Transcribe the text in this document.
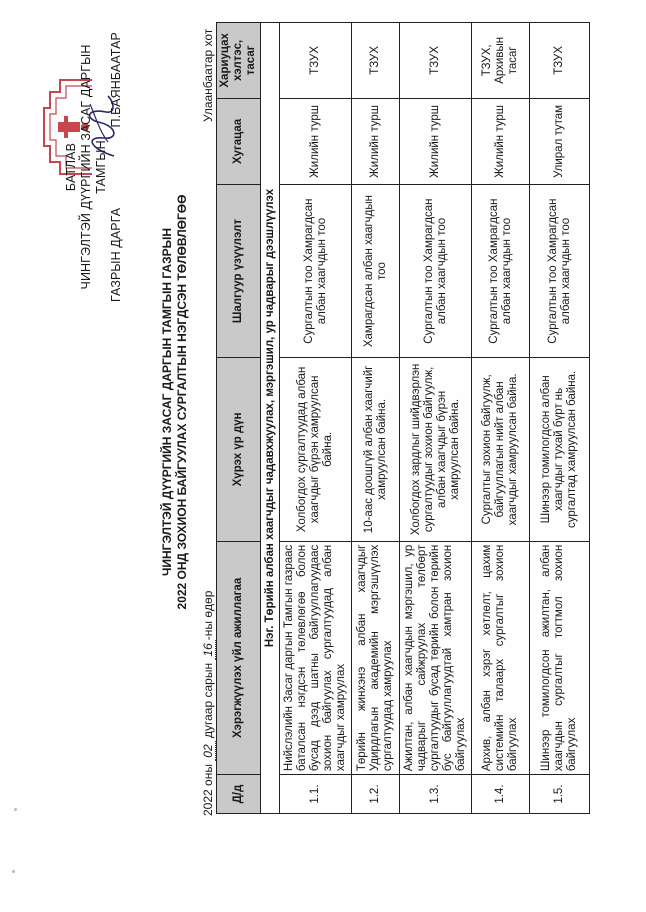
БАТЛАВ ЧИНГЭЛТЭЙ ДҮҮРГИЙН ЗАСАГ ДАРГЫН ТАМГЫН
ГАЗРЫН ДАРГА
П.БАЯНБААТАР
ЧИНГЭЛТЭЙ ДҮҮРГИЙН ЗАСАГ ДАРГЫН ТАМГЫН ГАЗРЫН 2022 ОНД ЗОХИОН БАЙГУУЛАХ СУРГАЛТЫН НЭГДСЭН ТӨЛӨВЛӨГӨӨ
2022 оны 02 дугаар сарын 16-ны өдөр
Улаанбаатар хот
Д/д	Хэрэгжүүлэх үйл ажиллагаа	Хүрэх үр дүн	Шалгуур үзүүлэлт	Хугацаа	Хариуцах хэлтэс, тасаг
Нэг. Төрийн албан хаагчдыг чадавхжуулах, мэргэшил, ур чадварыг дээшлүүлэх					
1.1.	Нийслэлийн Засаг даргын Тамгын газраас баталсан нэгдсэн төлөвлөгөө болон бусад дээд шатны байгууллагуудаас зохион байгуулах сургалтуудад албан хаагчдыг хамруулах	Холбогдох сургалтуудад албан хаагчдыг бүрэн хамруулсан байна.	Сургалтын тоо Хамрагдсан албан хаагчдын тоо	Жилийн турш	ТЗУХ
1.2.	Төрийн жинхэнэ албан хаагчдыг Удирдлагын академийн мэргэшүүлэх сургалтуудад хамруулах	10-аас доошгүй албан хаагчийг хамруулсан байна.	Хамрагдсан албан хаагчдын тоо	Жилийн турш	ТЗУХ
1.3.	Ажилтан, албан хаагчдын мэргэшил, ур чадварыг сайжруулах төлбөрт сургалтуудыг бусад төрийн болон төрийн бус байгууллагуудтай хамтран зохион байгуулах	Холбогдох зардлыг шийдвэрлэн сургалтуудыг зохион байгуулж, албан хаагчдыг бүрэн хамруулсан байна.	Сургалтын тоо Хамрагдсан албан хаагчдын тоо	Жилийн турш	ТЗУХ
1.4.	Архив, албан хэрэг хөтлөлт, цахим системийн талаарх сургалтыг зохион байгуулах	Сургалтыг зохион байгуулж, байгууллагын нийт албан хаагчдыг хамруулсан байна.	Сургалтын тоо Хамрагдсан албан хаагчдын тоо	Жилийн турш	ТЗУХ, Архивын тасаг
1.5.	Шинээр томилогдсон ажилтан, албан хаагчдын сургалтыг тогтмол зохион байгуулах	Шинээр томилогдсон албан хаагчдыг тухай бүрт нь сургалтад хамруулсан байна.	Сургалтын тоо Хамрагдсан албан хаагчдын тоо	Улирал тутам	ТЗУХ
